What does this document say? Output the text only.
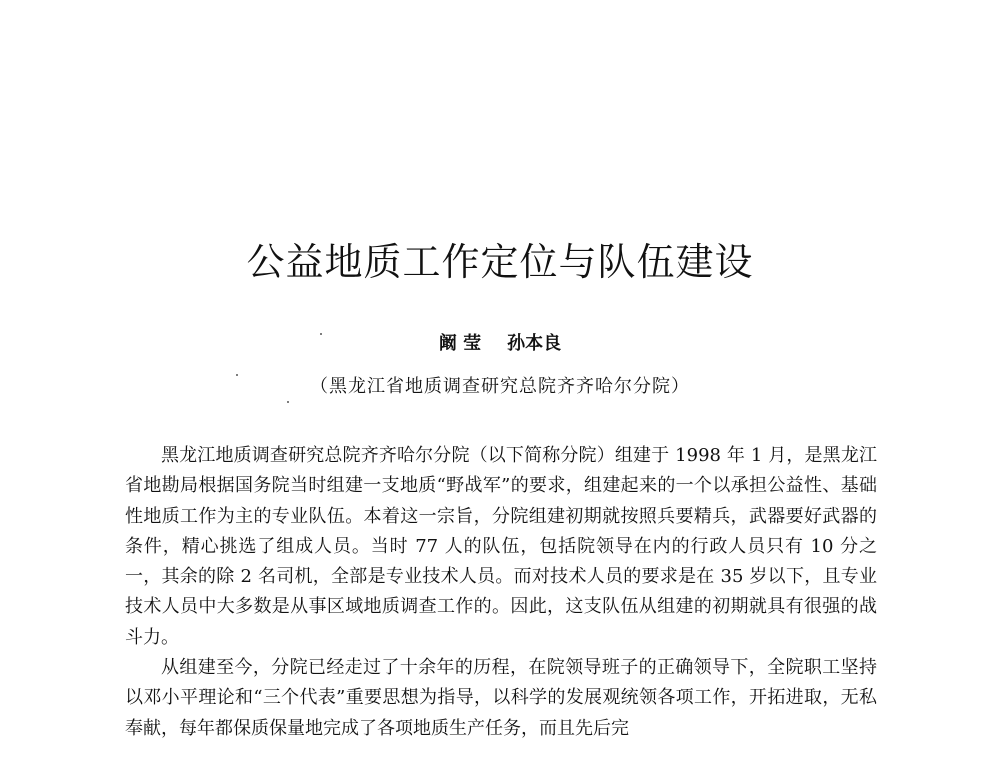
公益地质工作定位与队伍建设
阚 莹 孙本良
（黑龙江省地质调查研究总院齐齐哈尔分院）

黑龙江地质调查研究总院齐齐哈尔分院（以下简称分院）组建于 1998 年 1 月，是黑龙江省地勘局根据国务院当时组建一支地质“野战军”的要求，组建起来的一个以承担公益性、基础性地质工作为主的专业队伍。本着这一宗旨，分院组建初期就按照兵要精兵，武器要好武器的条件，精心挑选了组成人员。当时 77 人的队伍，包括院领导在内的行政人员只有 10 分之一，其余的除 2 名司机，全部是专业技术人员。而对技术人员的要求是在 35 岁以下，且专业技术人员中大多数是从事区域地质调查工作的。因此，这支队伍从组建的初期就具有很强的战斗力。

从组建至今，分院已经走过了十余年的历程，在院领导班子的正确领导下，全院职工坚持以邓小平理论和“三个代表”重要思想为指导，以科学的发展观统领各项工作，开拓进取，无私奉献，每年都保质保量地完成了各项地质生产任务，而且先后完
